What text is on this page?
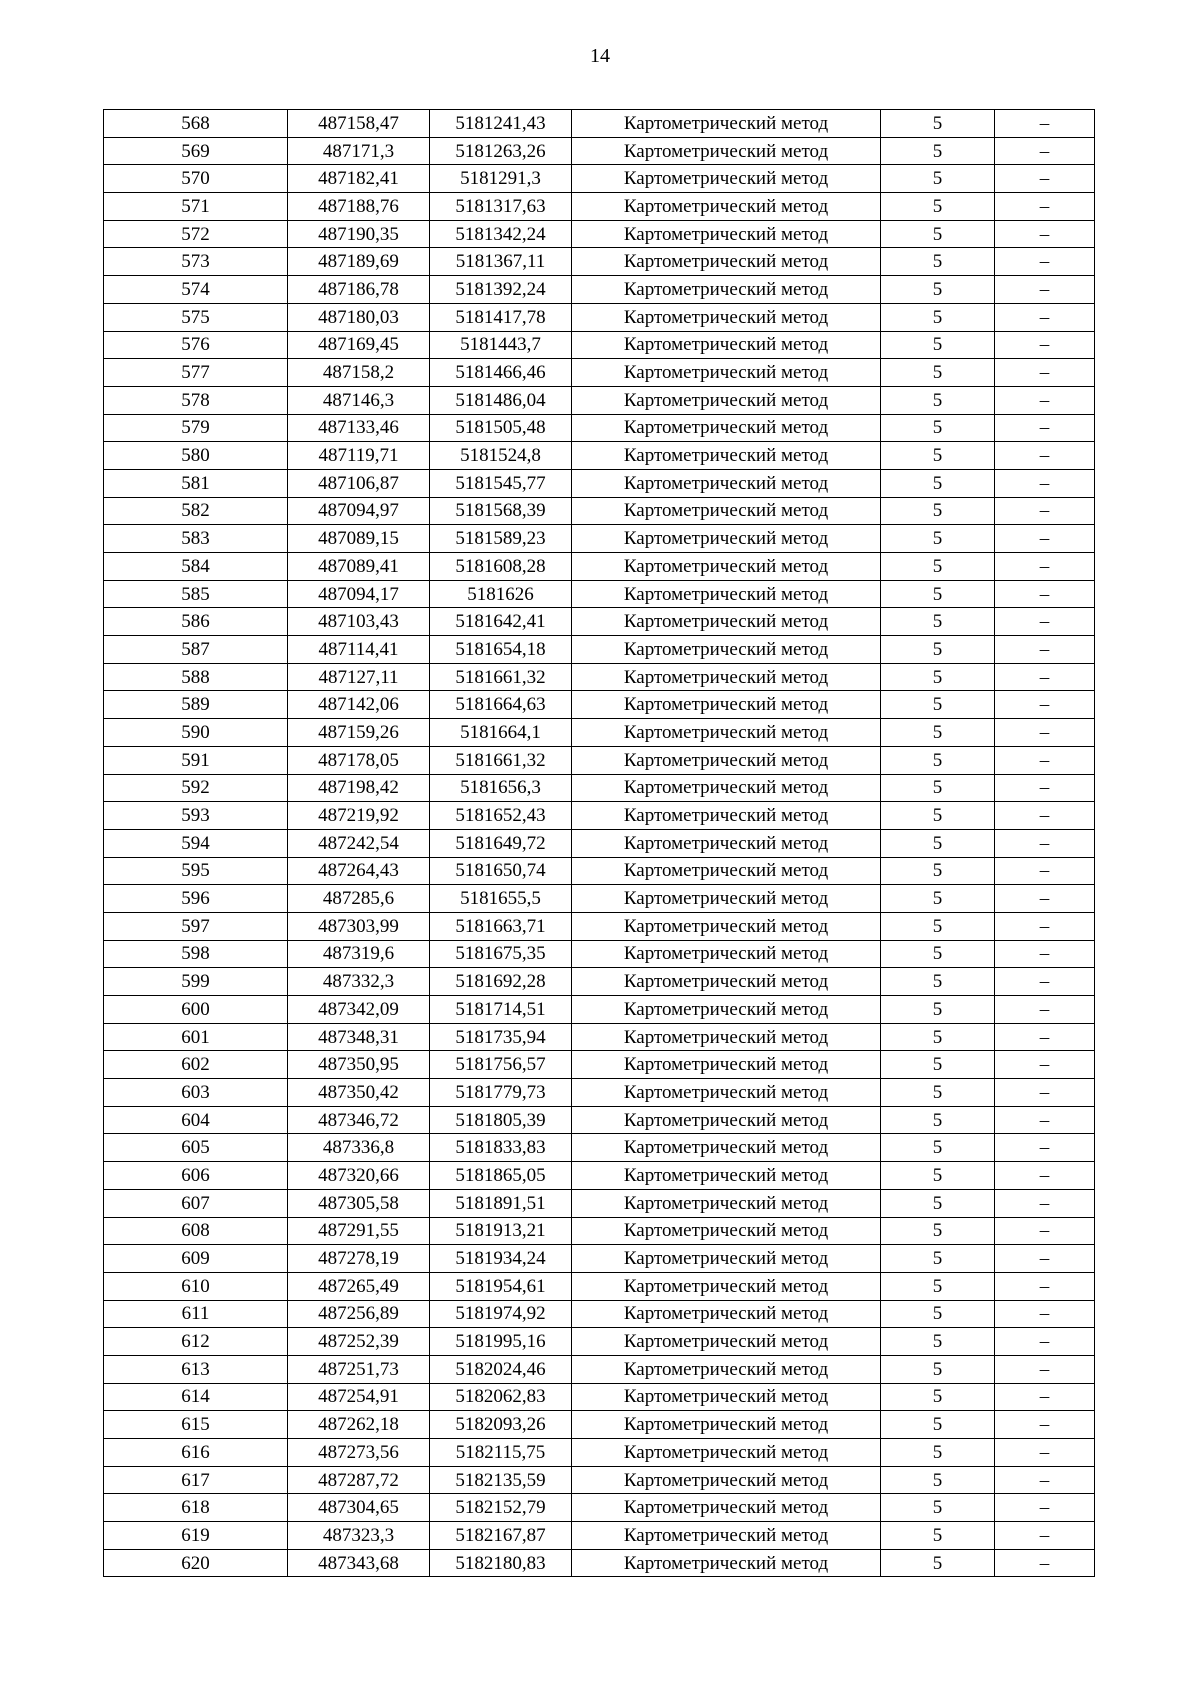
14
568	487158,47	5181241,43	Картометрический метод	5	–
569	487171,3	5181263,26	Картометрический метод	5	–
570	487182,41	5181291,3	Картометрический метод	5	–
571	487188,76	5181317,63	Картометрический метод	5	–
572	487190,35	5181342,24	Картометрический метод	5	–
573	487189,69	5181367,11	Картометрический метод	5	–
574	487186,78	5181392,24	Картометрический метод	5	–
575	487180,03	5181417,78	Картометрический метод	5	–
576	487169,45	5181443,7	Картометрический метод	5	–
577	487158,2	5181466,46	Картометрический метод	5	–
578	487146,3	5181486,04	Картометрический метод	5	–
579	487133,46	5181505,48	Картометрический метод	5	–
580	487119,71	5181524,8	Картометрический метод	5	–
581	487106,87	5181545,77	Картометрический метод	5	–
582	487094,97	5181568,39	Картометрический метод	5	–
583	487089,15	5181589,23	Картометрический метод	5	–
584	487089,41	5181608,28	Картометрический метод	5	–
585	487094,17	5181626	Картометрический метод	5	–
586	487103,43	5181642,41	Картометрический метод	5	–
587	487114,41	5181654,18	Картометрический метод	5	–
588	487127,11	5181661,32	Картометрический метод	5	–
589	487142,06	5181664,63	Картометрический метод	5	–
590	487159,26	5181664,1	Картометрический метод	5	–
591	487178,05	5181661,32	Картометрический метод	5	–
592	487198,42	5181656,3	Картометрический метод	5	–
593	487219,92	5181652,43	Картометрический метод	5	–
594	487242,54	5181649,72	Картометрический метод	5	–
595	487264,43	5181650,74	Картометрический метод	5	–
596	487285,6	5181655,5	Картометрический метод	5	–
597	487303,99	5181663,71	Картометрический метод	5	–
598	487319,6	5181675,35	Картометрический метод	5	–
599	487332,3	5181692,28	Картометрический метод	5	–
600	487342,09	5181714,51	Картометрический метод	5	–
601	487348,31	5181735,94	Картометрический метод	5	–
602	487350,95	5181756,57	Картометрический метод	5	–
603	487350,42	5181779,73	Картометрический метод	5	–
604	487346,72	5181805,39	Картометрический метод	5	–
605	487336,8	5181833,83	Картометрический метод	5	–
606	487320,66	5181865,05	Картометрический метод	5	–
607	487305,58	5181891,51	Картометрический метод	5	–
608	487291,55	5181913,21	Картометрический метод	5	–
609	487278,19	5181934,24	Картометрический метод	5	–
610	487265,49	5181954,61	Картометрический метод	5	–
611	487256,89	5181974,92	Картометрический метод	5	–
612	487252,39	5181995,16	Картометрический метод	5	–
613	487251,73	5182024,46	Картометрический метод	5	–
614	487254,91	5182062,83	Картометрический метод	5	–
615	487262,18	5182093,26	Картометрический метод	5	–
616	487273,56	5182115,75	Картометрический метод	5	–
617	487287,72	5182135,59	Картометрический метод	5	–
618	487304,65	5182152,79	Картометрический метод	5	–
619	487323,3	5182167,87	Картометрический метод	5	–
620	487343,68	5182180,83	Картометрический метод	5	–
